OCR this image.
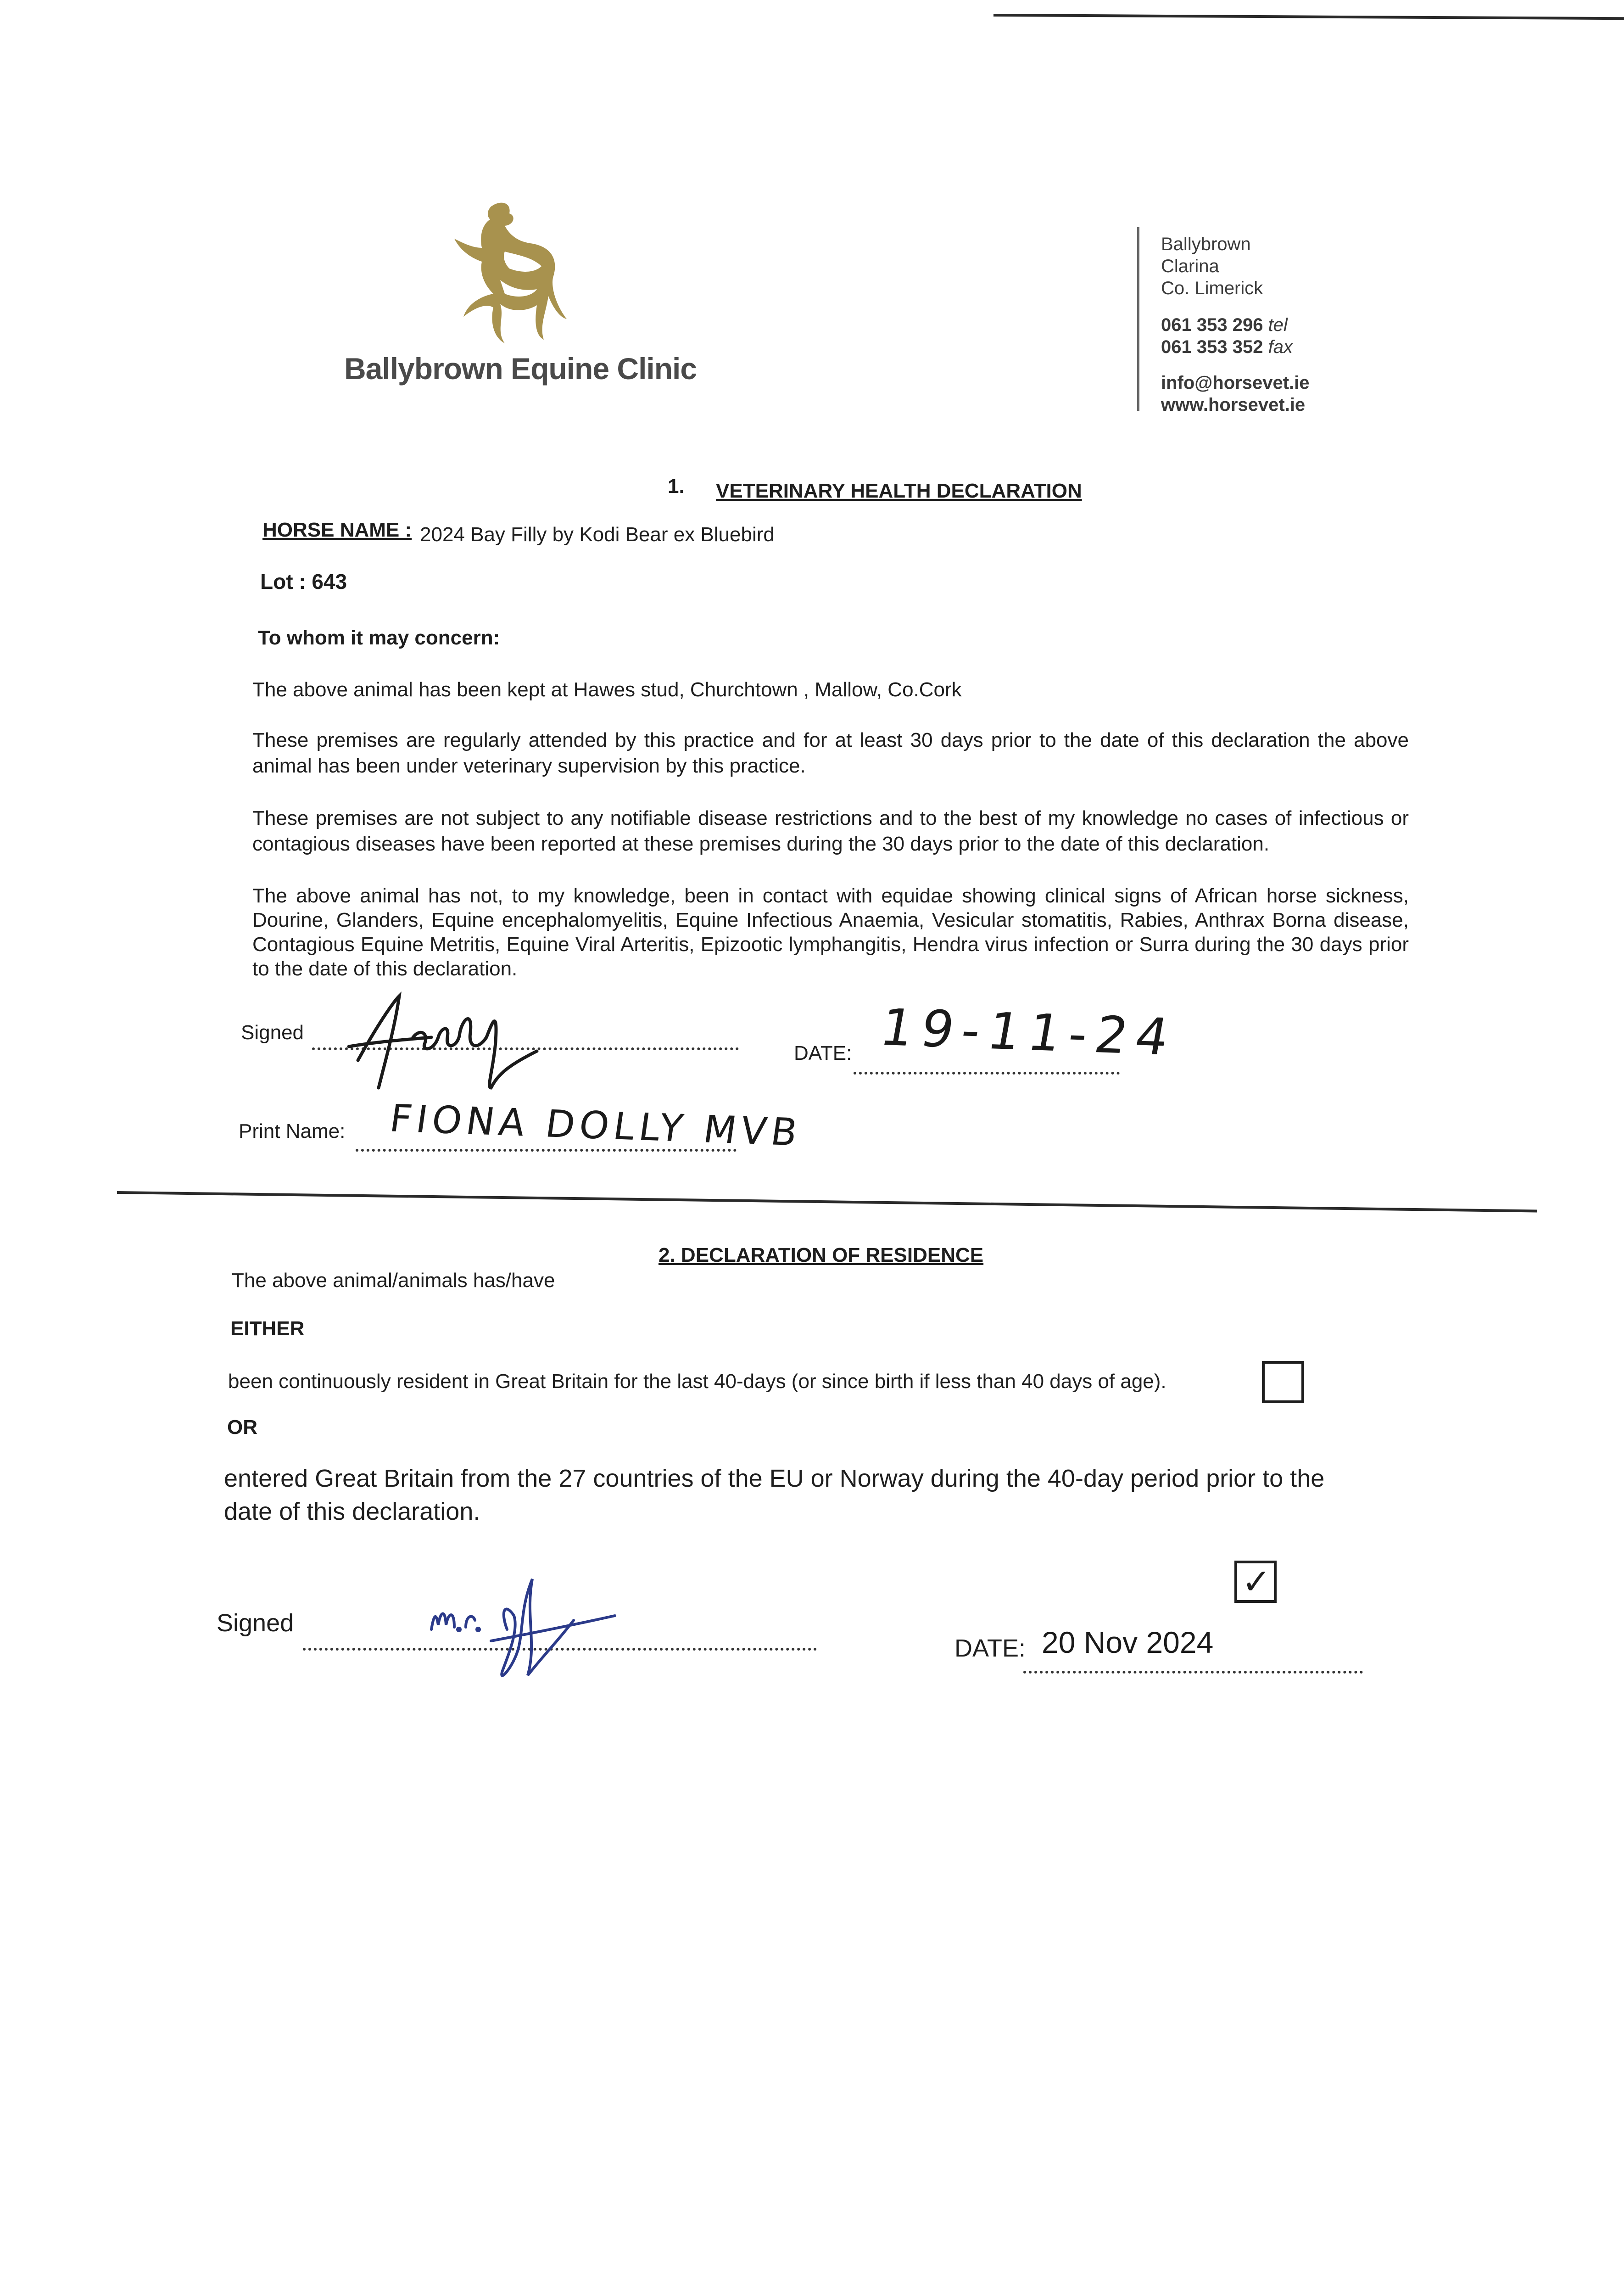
Ballybrown Equine Clinic
Ballybrown
Clarina
Co. Limerick
061 353 296 tel
061 353 352 fax
info@horsevet.ie
www.horsevet.ie
1. VETERINARY HEALTH DECLARATION
HORSE NAME : 2024 Bay Filly by Kodi Bear ex Bluebird
Lot : 643
To whom it may concern:
The above animal has been kept at Hawes stud, Churchtown , Mallow, Co.Cork
These premises are regularly attended by this practice and for at least 30 days prior to the date of this declaration the above animal has been under veterinary supervision by this practice.
These premises are not subject to any notifiable disease restrictions and to the best of my knowledge no cases of infectious or contagious diseases have been reported at these premises during the 30 days prior to the date of this declaration.
The above animal has not, to my knowledge, been in contact with equidae showing clinical signs of African horse sickness, Dourine, Glanders, Equine encephalomyelitis, Equine Infectious Anaemia, Vesicular stomatitis, Rabies, Anthrax Borna disease, Contagious Equine Metritis, Equine Viral Arteritis, Epizootic lymphangitis, Hendra virus infection or Surra during the 30 days prior to the date of this declaration.
Signed
DATE: 19-11-24
Print Name: FIONA DOLLY MVB
2. DECLARATION OF RESIDENCE
The above animal/animals has/have
EITHER
been continuously resident in Great Britain for the last 40-days (or since birth if less than 40 days of age).
OR
entered Great Britain from the 27 countries of the EU or Norway during the 40-day period prior to the date of this declaration.
✓
Signed
DATE: 20 Nov 2024
